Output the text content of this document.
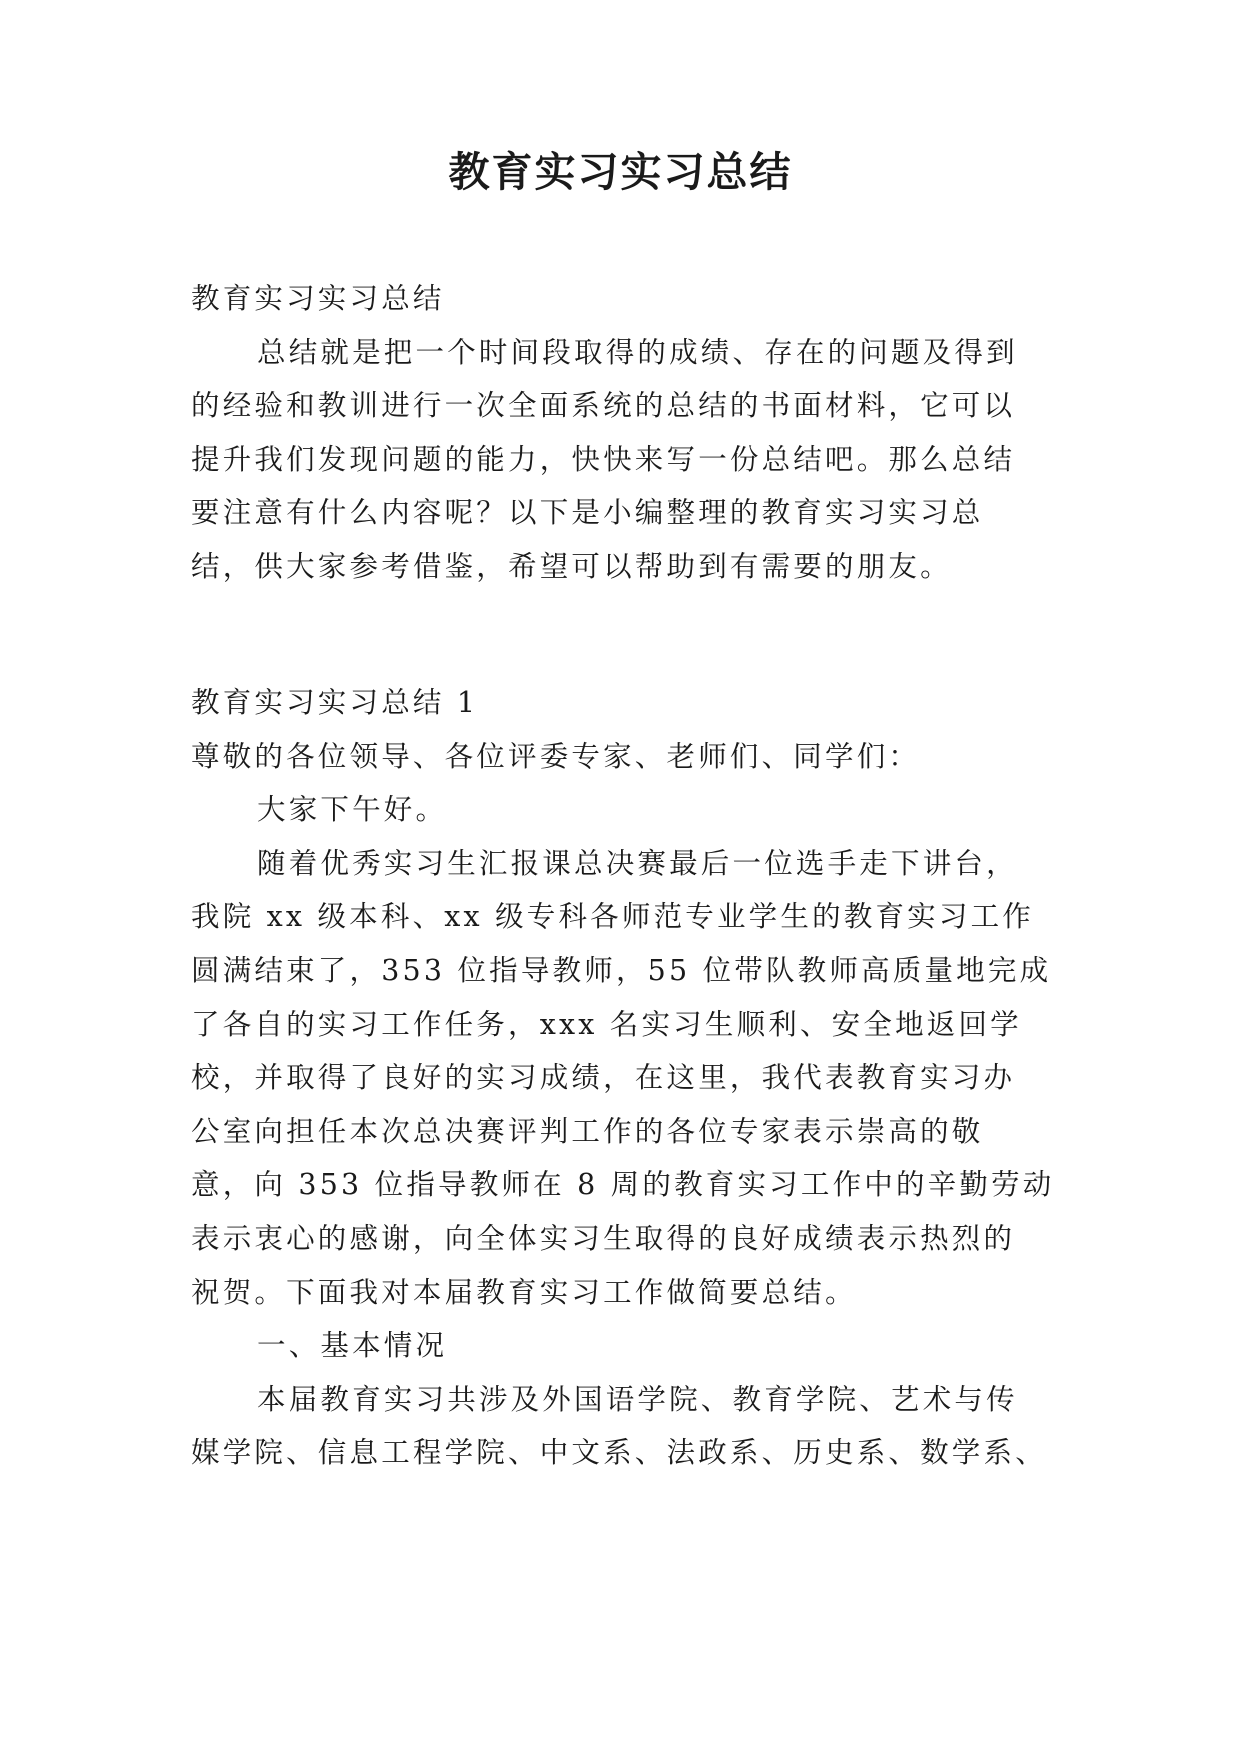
教育实习实习总结
教育实习实习总结
总结就是把一个时间段取得的成绩、存在的问题及得到
的经验和教训进行一次全面系统的总结的书面材料，它可以
提升我们发现问题的能力，快快来写一份总结吧。那么总结
要注意有什么内容呢？以下是小编整理的教育实习实习总
结，供大家参考借鉴，希望可以帮助到有需要的朋友。
教育实习实习总结 1
尊敬的各位领导、各位评委专家、老师们、同学们：
大家下午好。
随着优秀实习生汇报课总决赛最后一位选手走下讲台，
我院 xx 级本科、xx 级专科各师范专业学生的教育实习工作
圆满结束了，353 位指导教师，55 位带队教师高质量地完成
了各自的实习工作任务，xxx 名实习生顺利、安全地返回学
校，并取得了良好的实习成绩，在这里，我代表教育实习办
公室向担任本次总决赛评判工作的各位专家表示崇高的敬
意，向 353 位指导教师在 8 周的教育实习工作中的辛勤劳动
表示衷心的感谢，向全体实习生取得的良好成绩表示热烈的
祝贺。下面我对本届教育实习工作做简要总结。
一、基本情况
本届教育实习共涉及外国语学院、教育学院、艺术与传
媒学院、信息工程学院、中文系、法政系、历史系、数学系、
